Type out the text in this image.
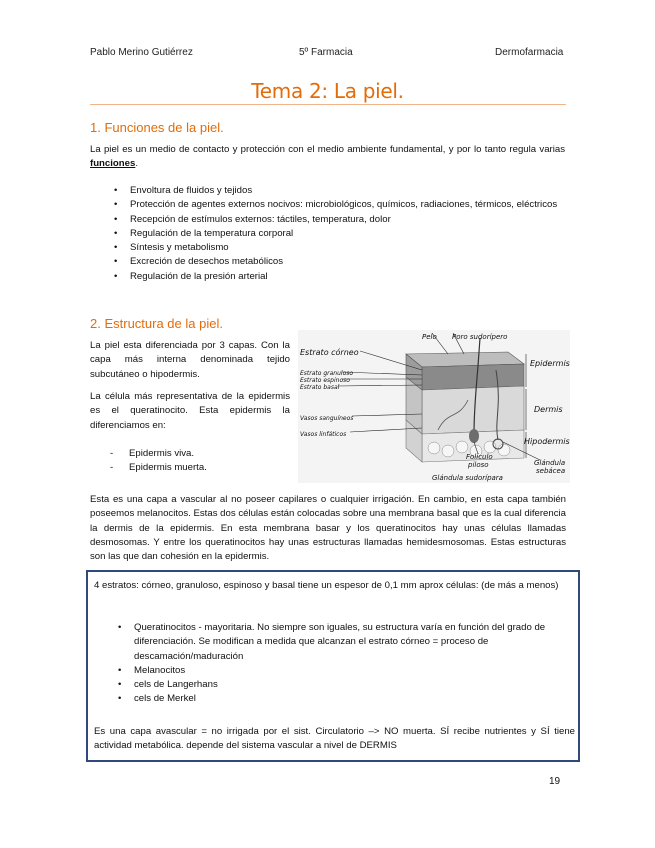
Pablo Merino Gutiérrez	5º Farmacia	Dermofarmacia
Tema 2: La piel.
1. Funciones de la piel.
La piel es un medio de contacto y protección con el medio ambiente fundamental, y por lo tanto regula varias funciones.
• Envoltura de fluidos y tejidos
• Protección de agentes externos nocivos: microbiológicos, químicos, radiaciones, térmicos, eléctricos
• Recepción de estímulos externos: táctiles, temperatura, dolor
• Regulación de la temperatura corporal
• Síntesis y metabolismo
• Excreción de desechos metabólicos
• Regulación de la presión arterial
2. Estructura de la piel.
La piel esta diferenciada por 3 capas. Con la capa más interna denominada tejido subcutáneo o hipodermis.
La célula más representativa de la epidermis es el queratinocito. Esta epidermis la diferenciamos en:
- Epidermis viva.
- Epidermis muerta.
Pelo Poro sudorípero
Estrato córneo
Estrato granuloso
Estrato espinoso
Estrato basal
Vasos sanguíneos
Vasos linfáticos
Epidermis
Dermis
Hipodermis
Folículo
piloso
Glándula sudorípara
Glándula
sebácea
Esta es una capa a vascular al no poseer capilares o cualquier irrigación. En cambio, en esta capa también poseemos melanocitos. Estas dos células están colocadas sobre una membrana basal que es la cual diferencia la dermis de la epidermis. En esta membrana basar y los queratinocitos hay unas células llamadas desmosomas. Y entre los queratinocitos hay unas estructuras llamadas hemidesmosomas. Estas estructuras son las que dan cohesión en la epidermis.
4 estratos: córneo, granuloso, espinoso y basal tiene un espesor de 0,1 mm aprox células: (de más a menos)
• Queratinocitos - mayoritaria. No siempre son iguales, su estructura varía en función del grado de diferenciación. Se modifican a medida que alcanzan el estrato córneo = proceso de descamación/maduración
• Melanocitos
• cels de Langerhans
• cels de Merkel
Es una capa avascular = no irrigada por el sist. Circulatorio –> NO muerta. SÍ recibe nutrientes y SÍ tiene actividad metabólica. depende del sistema vascular a nivel de DERMIS
19
